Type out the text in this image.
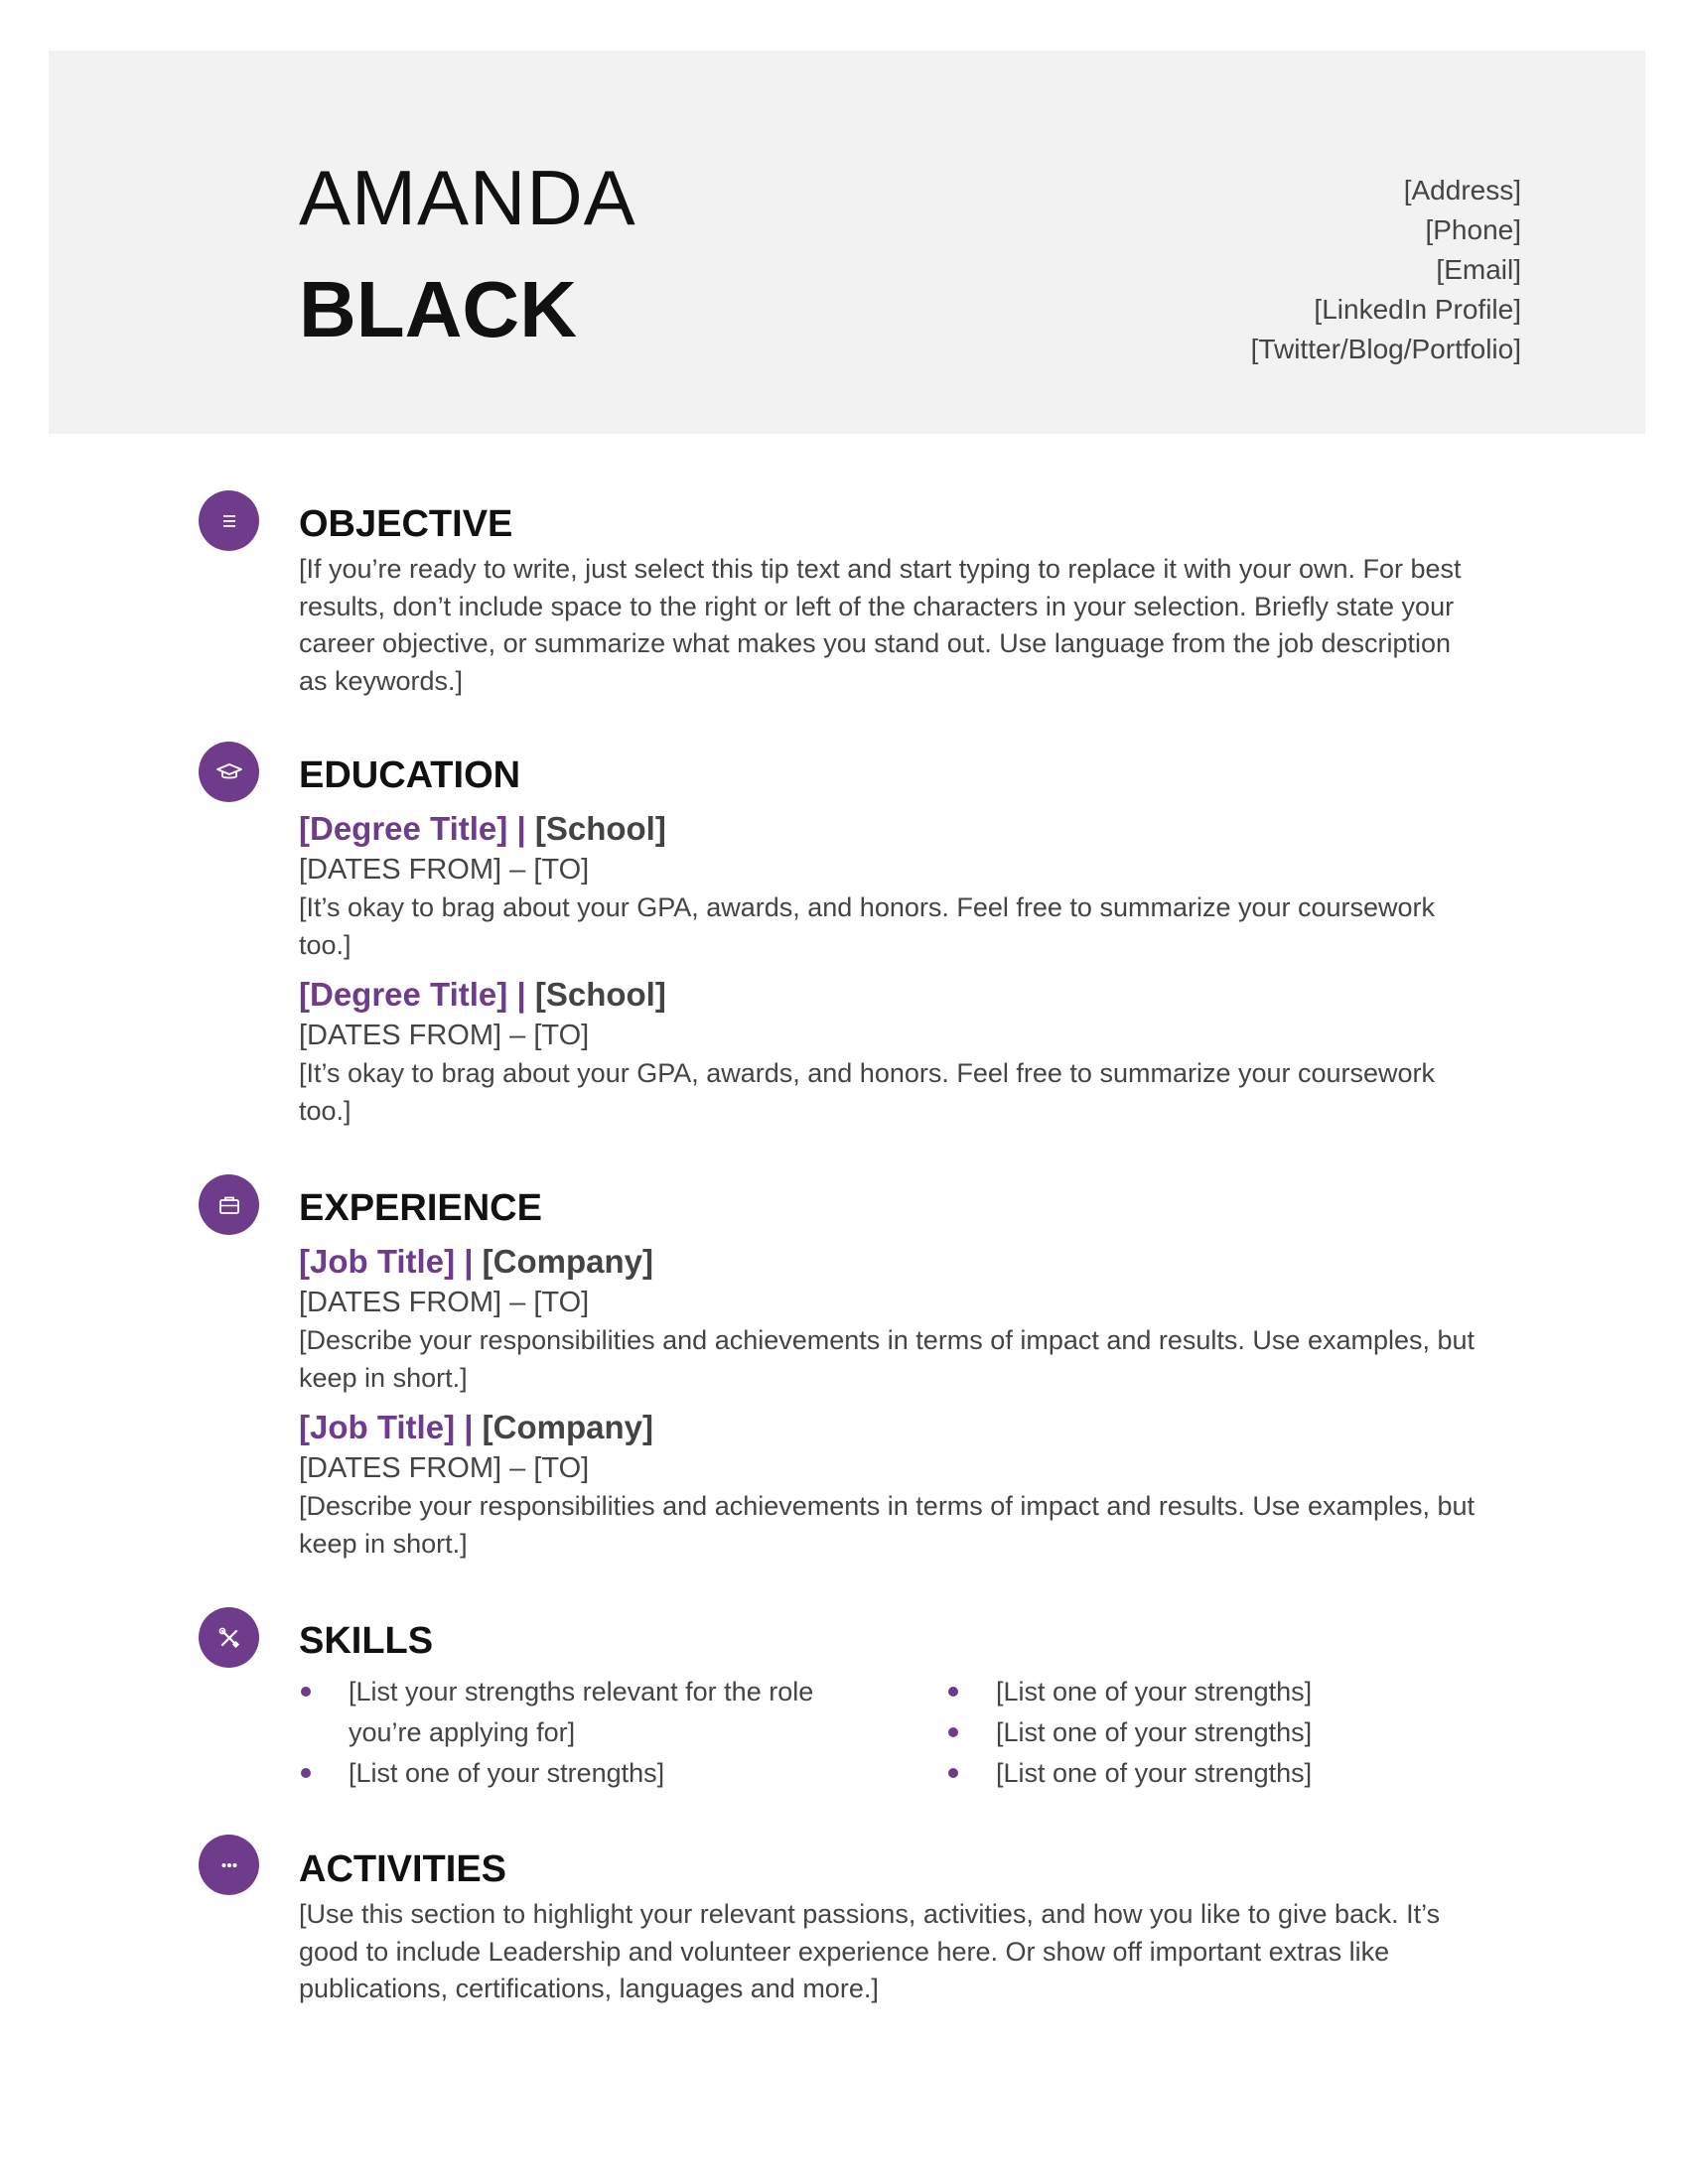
AMANDA
BLACK
[Address]
[Phone]
[Email]
[LinkedIn Profile]
[Twitter/Blog/Portfolio]
OBJECTIVE

[If you’re ready to write, just select this tip text and start typing to replace it with your own. For best results, don’t include space to the right or left of the characters in your selection. Briefly state your career objective, or summarize what makes you stand out. Use language from the job description as keywords.]

EDUCATION
[Degree Title] | [School]
[DATES FROM] – [TO]
[It’s okay to brag about your GPA, awards, and honors. Feel free to summarize your coursework too.]
[Degree Title] | [School]
[DATES FROM] – [TO]
[It’s okay to brag about your GPA, awards, and honors. Feel free to summarize your coursework too.]
EXPERIENCE
[Job Title] | [Company]
[DATES FROM] – [TO]
[Describe your responsibilities and achievements in terms of impact and results. Use examples, but keep in short.]
[Job Title] | [Company]
[DATES FROM] – [TO]
[Describe your responsibilities and achievements in terms of impact and results. Use examples, but keep in short.]
SKILLS
[List your strengths relevant for the role you’re applying for]
[List one of your strengths]
[List one of your strengths]
[List one of your strengths]
[List one of your strengths]
ACTIVITIES

[Use this section to highlight your relevant passions, activities, and how you like to give back. It’s good to include Leadership and volunteer experience here. Or show off important extras like publications, certifications, languages and more.]
